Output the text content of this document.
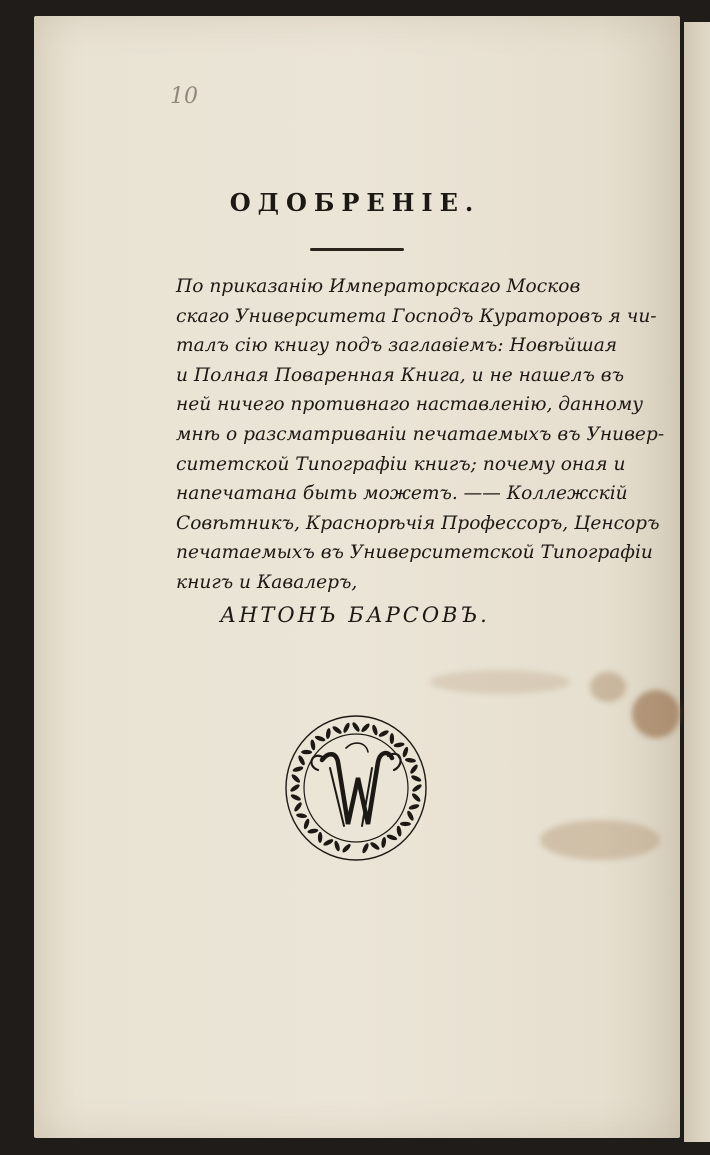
10
ОДОБРЕНІЕ.
По приказанію Императорскаго Москов
скаго Университета Господъ Кураторовъ я чи-
талъ сію книгу подъ заглавіемъ: Новѣйшая
и Полная Поваренная Книга, и не нашелъ въ
ней ничего противнаго наставленію, данному
мнѣ о разсматриваніи печатаемыхъ въ Универ-
ситетской Типографіи книгъ; почему оная и
напечатана быть можетъ. —— Коллежскій
Совѣтникъ, Краснорѣчія Профессоръ, Ценсоръ
печатаемыхъ въ Университетской Типографіи
книгъ и Кавалеръ,
АНТОНЪ БАРСОВЪ.
